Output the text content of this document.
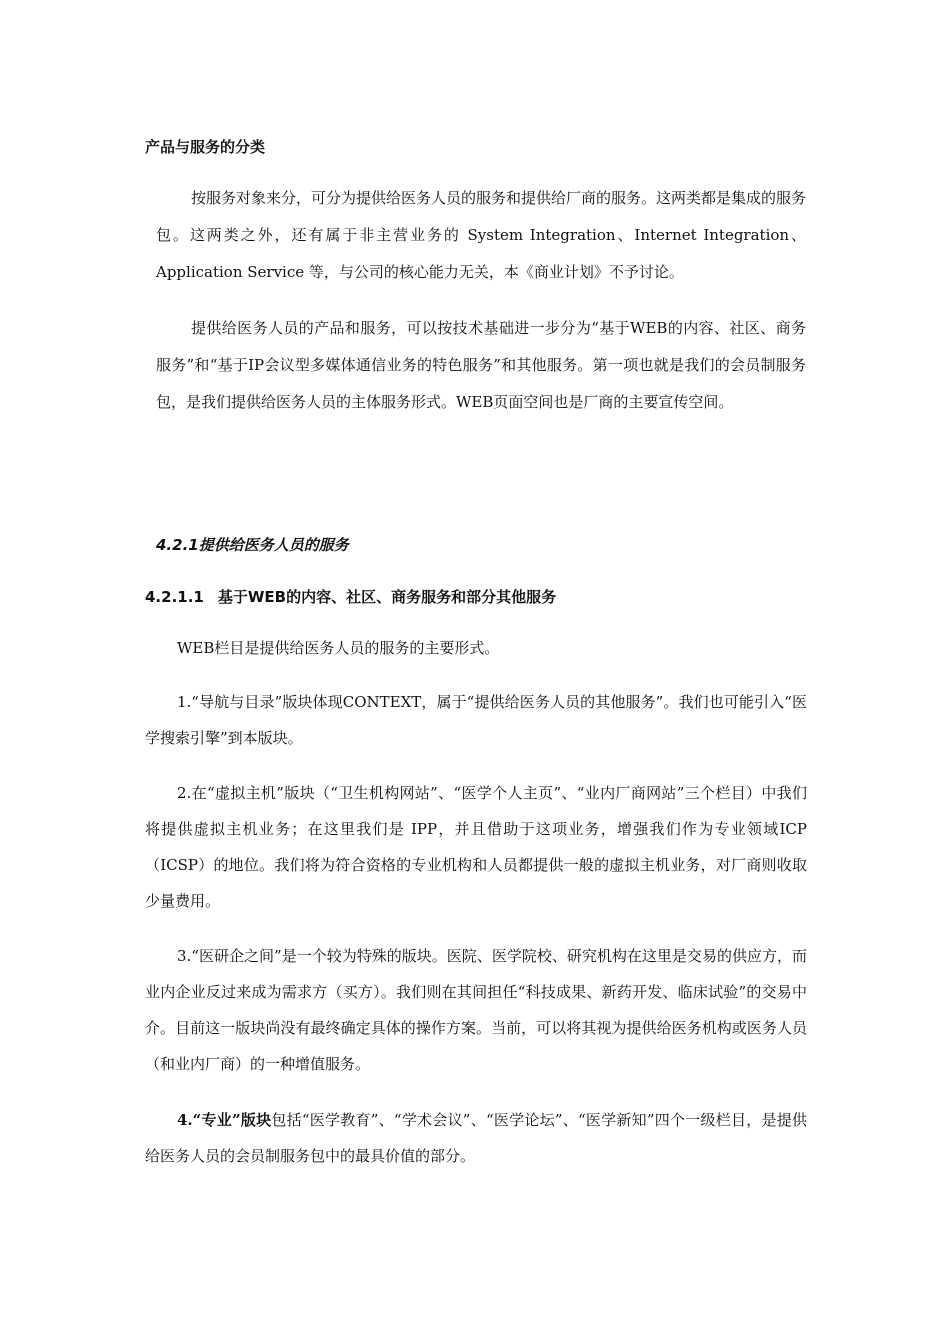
产品与服务的分类

按服务对象来分，可分为提供给医务人员的服务和提供给厂商的服务。这两类都是集成的服务包。这两类之外，还有属于非主营业务的 System Integration、Internet Integration、Application Service 等，与公司的核心能力无关，本《商业计划》不予讨论。

提供给医务人员的产品和服务，可以按技术基础进一步分为“基于WEB的内容、社区、商务服务”和“基于IP会议型多媒体通信业务的特色服务”和其他服务。第一项也就是我们的会员制服务包，是我们提供给医务人员的主体服务形式。WEB页面空间也是厂商的主要宣传空间。

4.2.1提供给医务人员的服务
4.2.1.1 基于WEB的内容、社区、商务服务和部分其他服务

WEB栏目是提供给医务人员的服务的主要形式。

1.“导航与目录”版块体现CONTEXT，属于“提供给医务人员的其他服务”。我们也可能引入“医学搜索引擎”到本版块。

2.在“虚拟主机”版块（“卫生机构网站”、“医学个人主页”、“业内厂商网站”三个栏目）中我们将提供虚拟主机业务；在这里我们是 IPP，并且借助于这项业务，增强我们作为专业领域ICP（ICSP）的地位。我们将为符合资格的专业机构和人员都提供一般的虚拟主机业务，对厂商则收取少量费用。

3.“医研企之间”是一个较为特殊的版块。医院、医学院校、研究机构在这里是交易的供应方，而业内企业反过来成为需求方（买方）。我们则在其间担任“科技成果、新药开发、临床试验”的交易中介。目前这一版块尚没有最终确定具体的操作方案。当前，可以将其视为提供给医务机构或医务人员（和业内厂商）的一种增值服务。

4.“专业”版块包括“医学教育”、“学术会议”、“医学论坛”、“医学新知”四个一级栏目，是提供给医务人员的会员制服务包中的最具价值的部分。
